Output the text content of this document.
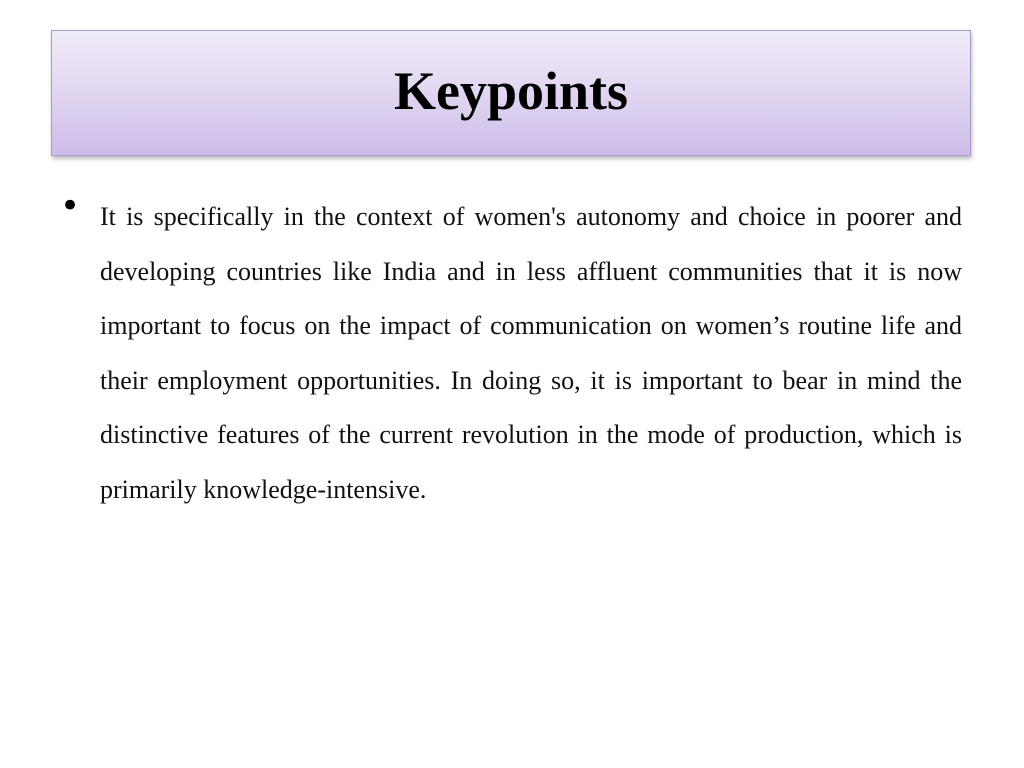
Keypoints
• It is specifically in the context of women's autonomy and choice in poorer and developing countries like India and in less affluent communities that it is now important to focus on the impact of communication on women’s routine life and their employment opportunities. In doing so, it is important to bear in mind the distinctive features of the current revolution in the mode of production, which is primarily knowledge‑intensive.
